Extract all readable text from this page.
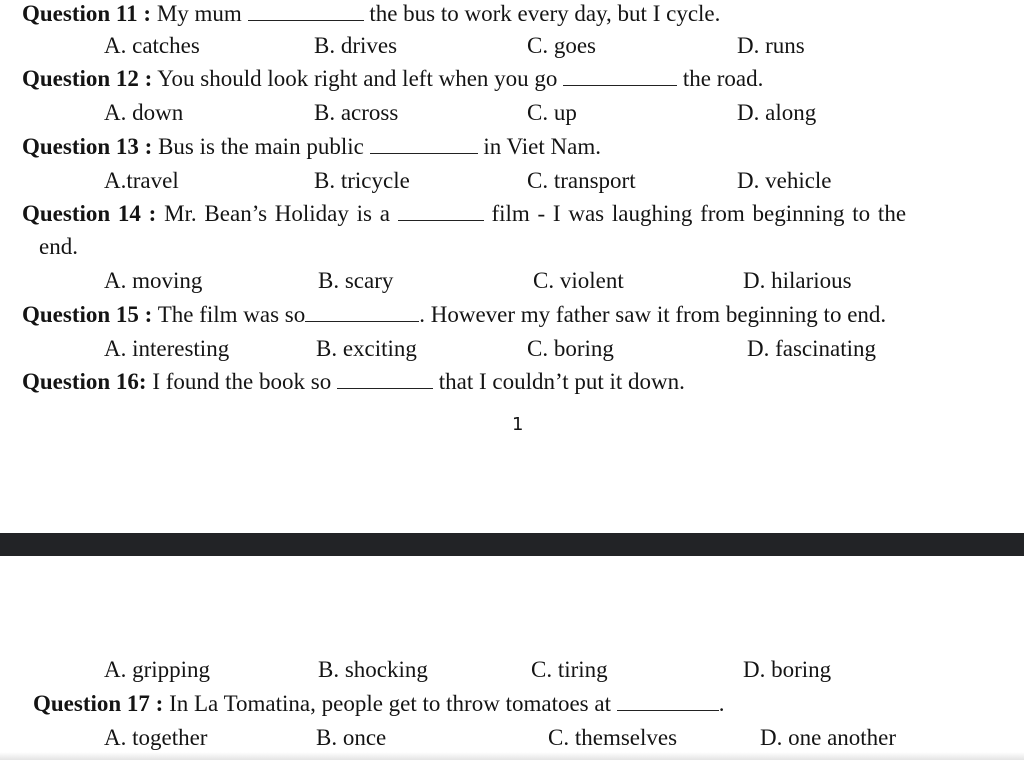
Question 11 : My mum	the bus to work every day, but I cycle.
A. catches	B. drives	C. goes	D. runs
Question 12 : You should look right and left when you go	the road.
A. down	B. across	C. up	D. along
Question 13 : Bus is the main public	in Viet Nam.
A.travel	B. tricycle	C. transport	D. vehicle
Question 14 : Mr. Bean’s Holiday is a	film - I was laughing from beginning to the
end.
A. moving	B. scary	C. violent	D. hilarious
Question 15 : The film was so	. However my father saw it from beginning to end.
A. interesting	B. exciting	C. boring	D. fascinating
Question 16: I found the book so	that I couldn’t put it down.
1
A. gripping	B. shocking	C. tiring	D. boring
Question 17 : In La Tomatina, people get to throw tomatoes at	.
A. together	B. once	C. themselves	D. one another
